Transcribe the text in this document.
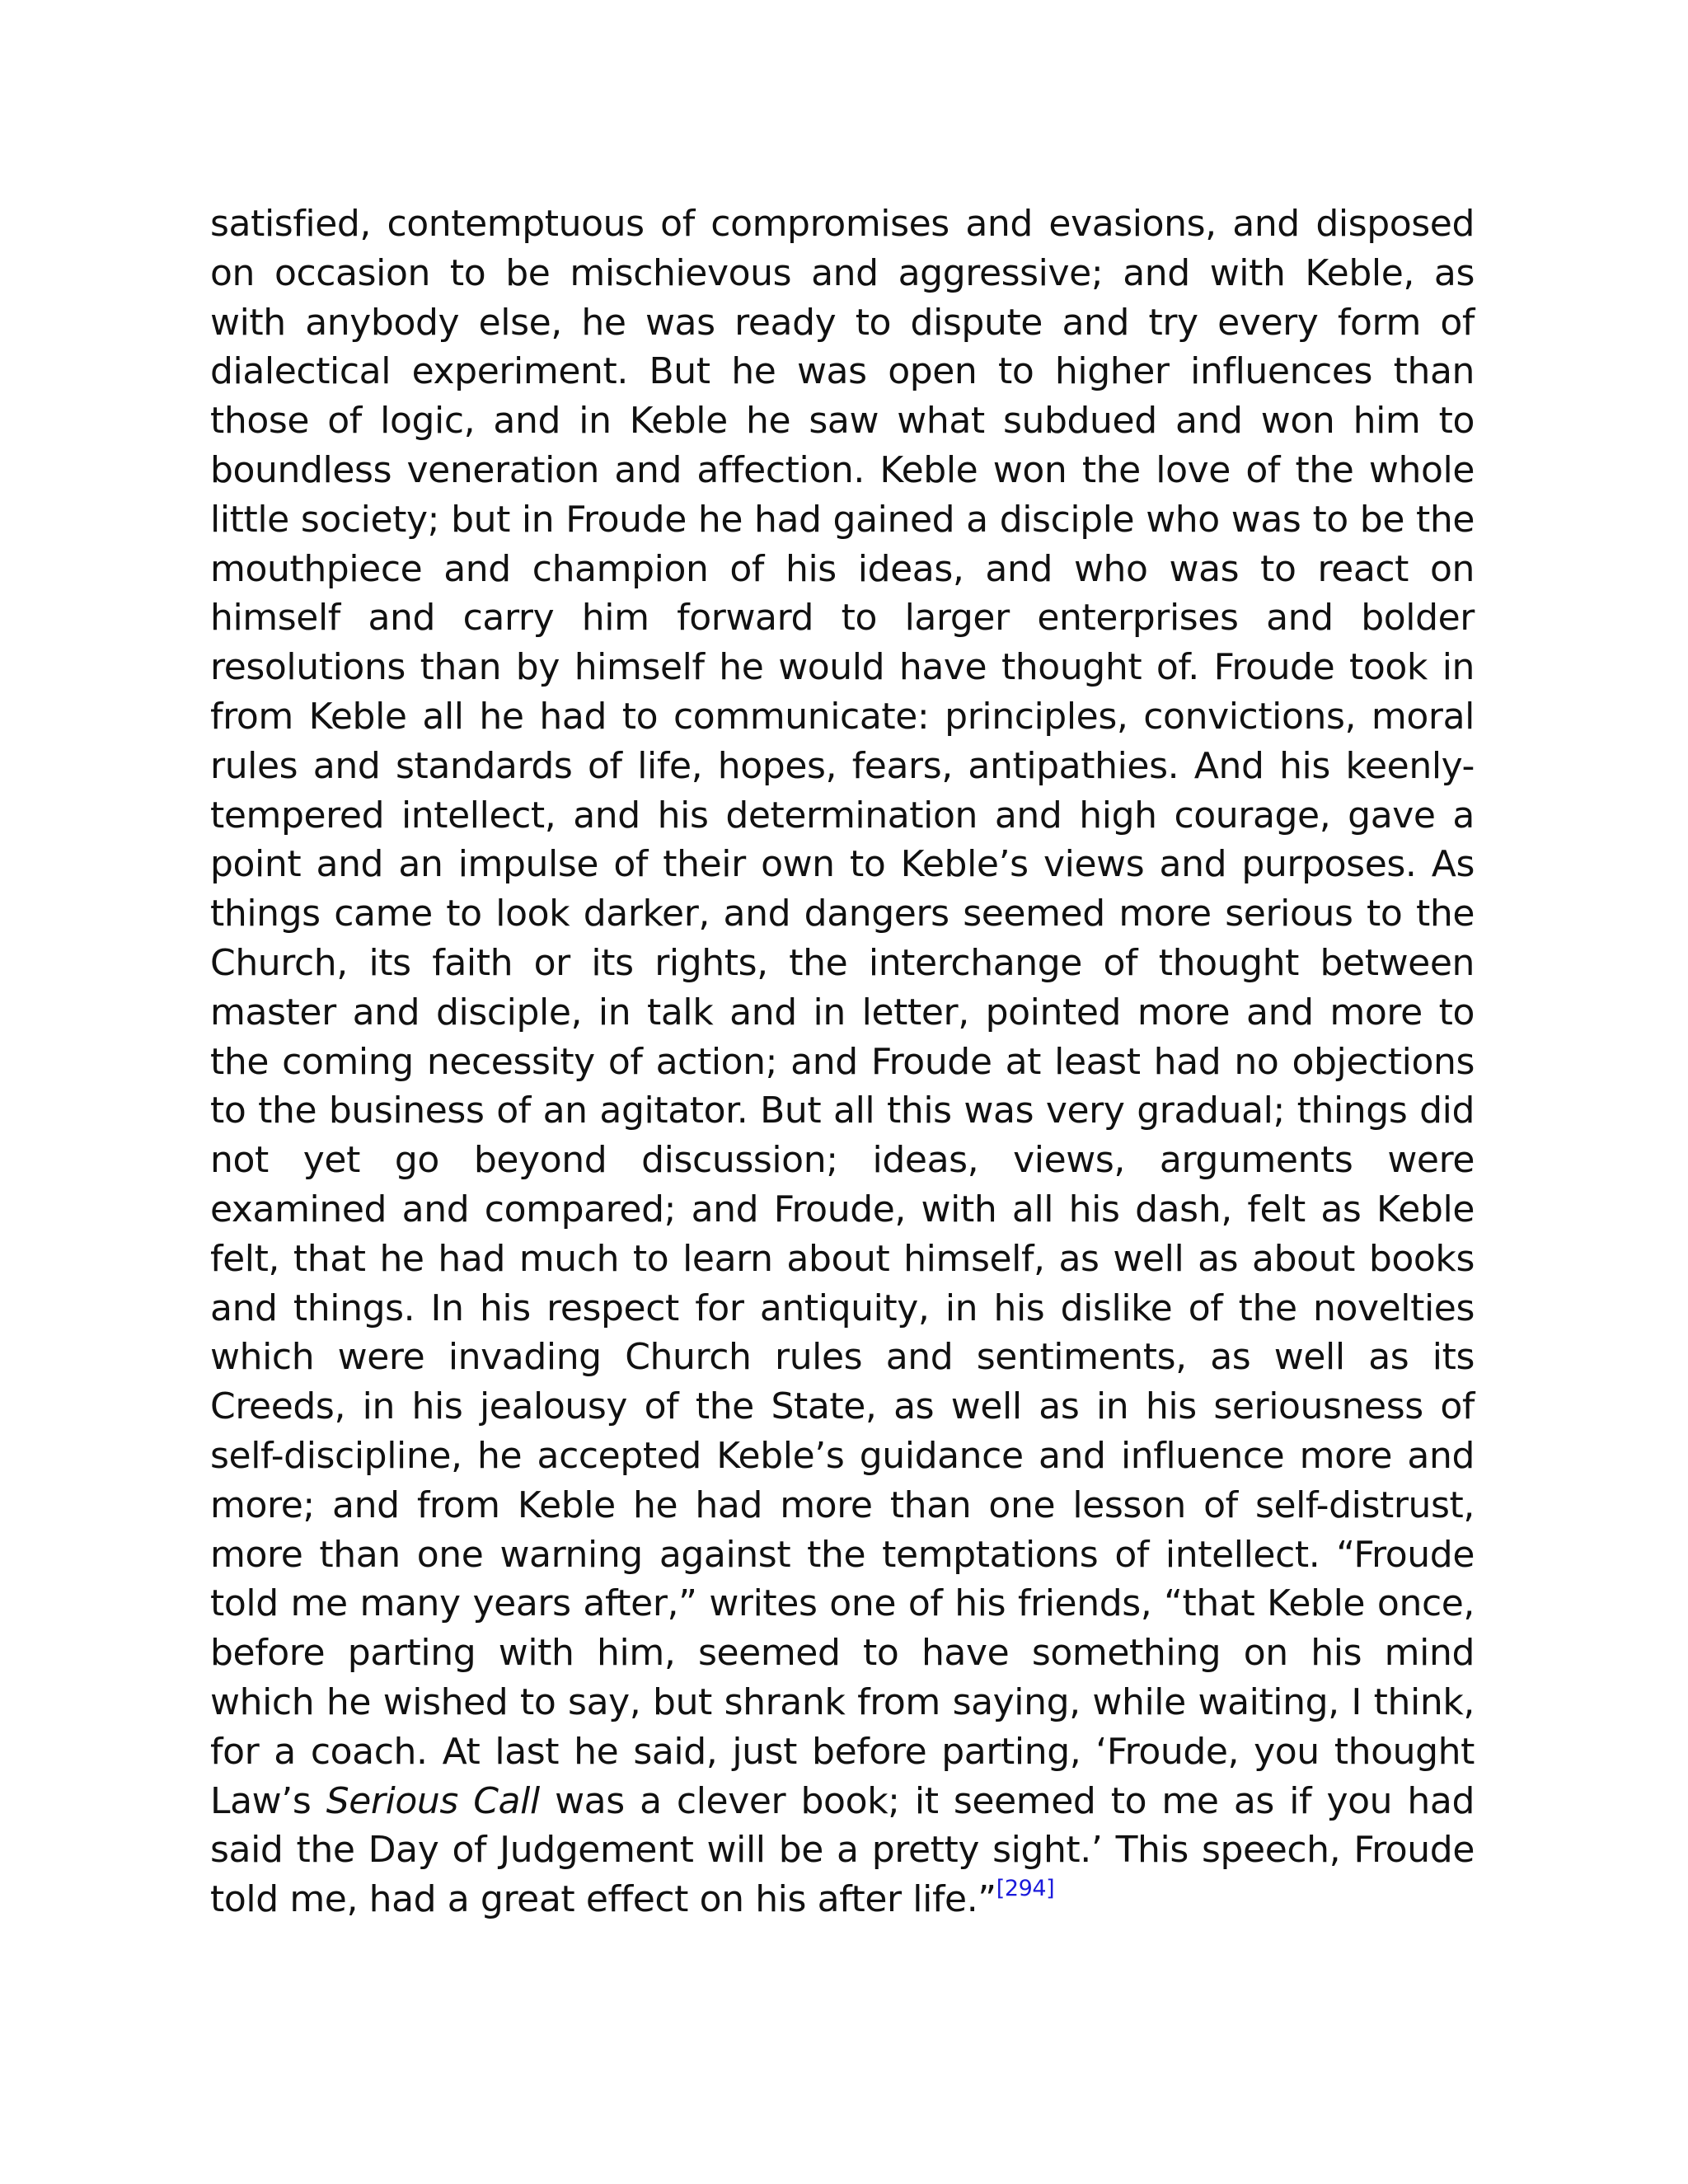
satisfied, contemptuous of compromises and evasions, and disposed on occasion to be mischievous and aggressive; and with Keble, as with anybody else, he was ready to dispute and try every form of dialectical experiment. But he was open to higher influences than those of logic, and in Keble he saw what subdued and won him to boundless veneration and affection. Keble won the love of the whole little society; but in Froude he had gained a disciple who was to be the mouthpiece and champion of his ideas, and who was to react on himself and carry him forward to larger enterprises and bolder resolutions than by himself he would have thought of. Froude took in from Keble all he had to communicate: principles, convictions, moral rules and standards of life, hopes, fears, antipathies. And his keenly-tempered intellect, and his determination and high courage, gave a point and an impulse of their own to Keble’s views and purposes. As things came to look darker, and dangers seemed more serious to the Church, its faith or its rights, the interchange of thought between master and disciple, in talk and in letter, pointed more and more to the coming necessity of action; and Froude at least had no objections to the business of an agitator. But all this was very gradual; things did not yet go beyond discussion; ideas, views, arguments were examined and compared; and Froude, with all his dash, felt as Keble felt, that he had much to learn about himself, as well as about books and things. In his respect for antiquity, in his dislike of the novelties which were invading Church rules and sentiments, as well as its Creeds, in his jealousy of the State, as well as in his seriousness of self-discipline, he accepted Keble’s guidance and influence more and more; and from Keble he had more than one lesson of self-distrust, more than one warning against the temptations of intellect. “Froude told me many years after,” writes one of his friends, “that Keble once, before parting with him, seemed to have something on his mind which he wished to say, but shrank from saying, while waiting, I think, for a coach. At last he said, just before parting, ‘Froude, you thought Law’s Serious Call was a clever book; it seemed to me as if you had said the Day of Judgement will be a pretty sight.’ This speech, Froude told me, had a great effect on his after life.”[294]
